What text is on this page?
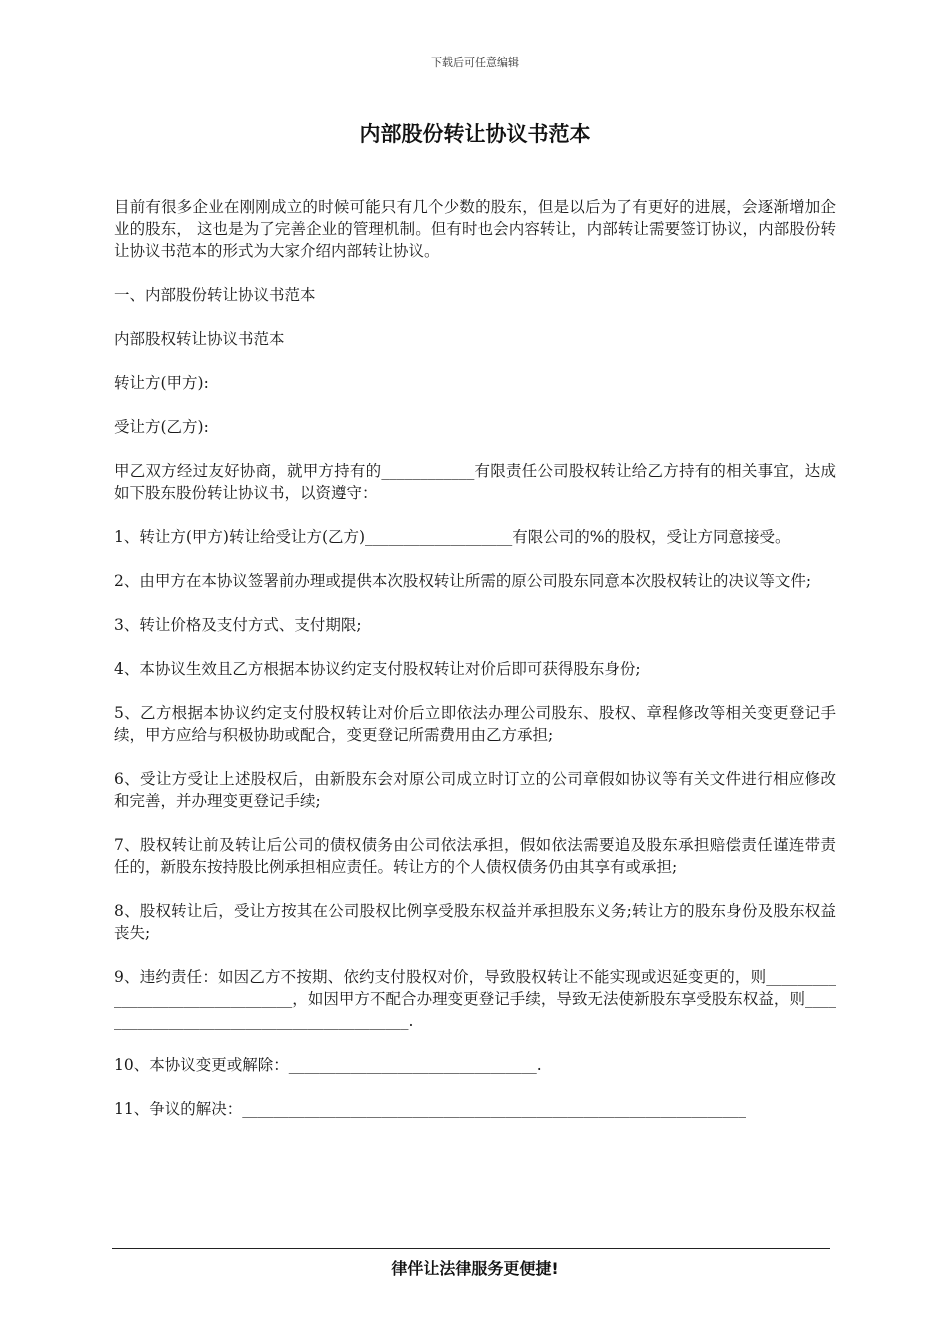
下载后可任意编辑
内部股份转让协议书范本

目前有很多企业在刚刚成立的时候可能只有几个少数的股东，但是以后为了有更好的进展，会逐渐增加企业的股东， 这也是为了完善企业的管理机制。但有时也会内容转让，内部转让需要签订协议，内部股份转让协议书范本的形式为大家介绍内部转让协议。

一、内部股份转让协议书范本

内部股权转让协议书范本

转让方(甲方):

受让方(乙方):

甲乙双方经过友好协商，就甲方持有的____________有限责任公司股权转让给乙方持有的相关事宜，达成如下股东股份转让协议书，以资遵守：

1、转让方(甲方)转让给受让方(乙方)___________________有限公司的%的股权，受让方同意接受。

2、由甲方在本协议签署前办理或提供本次股权转让所需的原公司股东同意本次股权转让的决议等文件;

3、转让价格及支付方式、支付期限;

4、本协议生效且乙方根据本协议约定支付股权转让对价后即可获得股东身份;

5、乙方根据本协议约定支付股权转让对价后立即依法办理公司股东、股权、章程修改等相关变更登记手续，甲方应给与积极协助或配合，变更登记所需费用由乙方承担;

6、受让方受让上述股权后，由新股东会对原公司成立时订立的公司章假如协议等有关文件进行相应修改和完善，并办理变更登记手续;

7、股权转让前及转让后公司的债权债务由公司依法承担，假如依法需要追及股东承担赔偿责任谨连带责任的，新股东按持股比例承担相应责任。转让方的个人债权债务仍由其享有或承担;

8、股权转让后，受让方按其在公司股权比例享受股东权益并承担股东义务;转让方的股东身份及股东权益丧失;

9、违约责任：如因乙方不按期、依约支付股权对价，导致股权转让不能实现或迟延变更的，则________________________________，如因甲方不配合办理变更登记手续，导致无法使新股东享受股东权益，则__________________________________________.

10、本协议变更或解除：________________________________.

11、争议的解决：_________________________________________________________________

律伴让法律服务更便捷!
